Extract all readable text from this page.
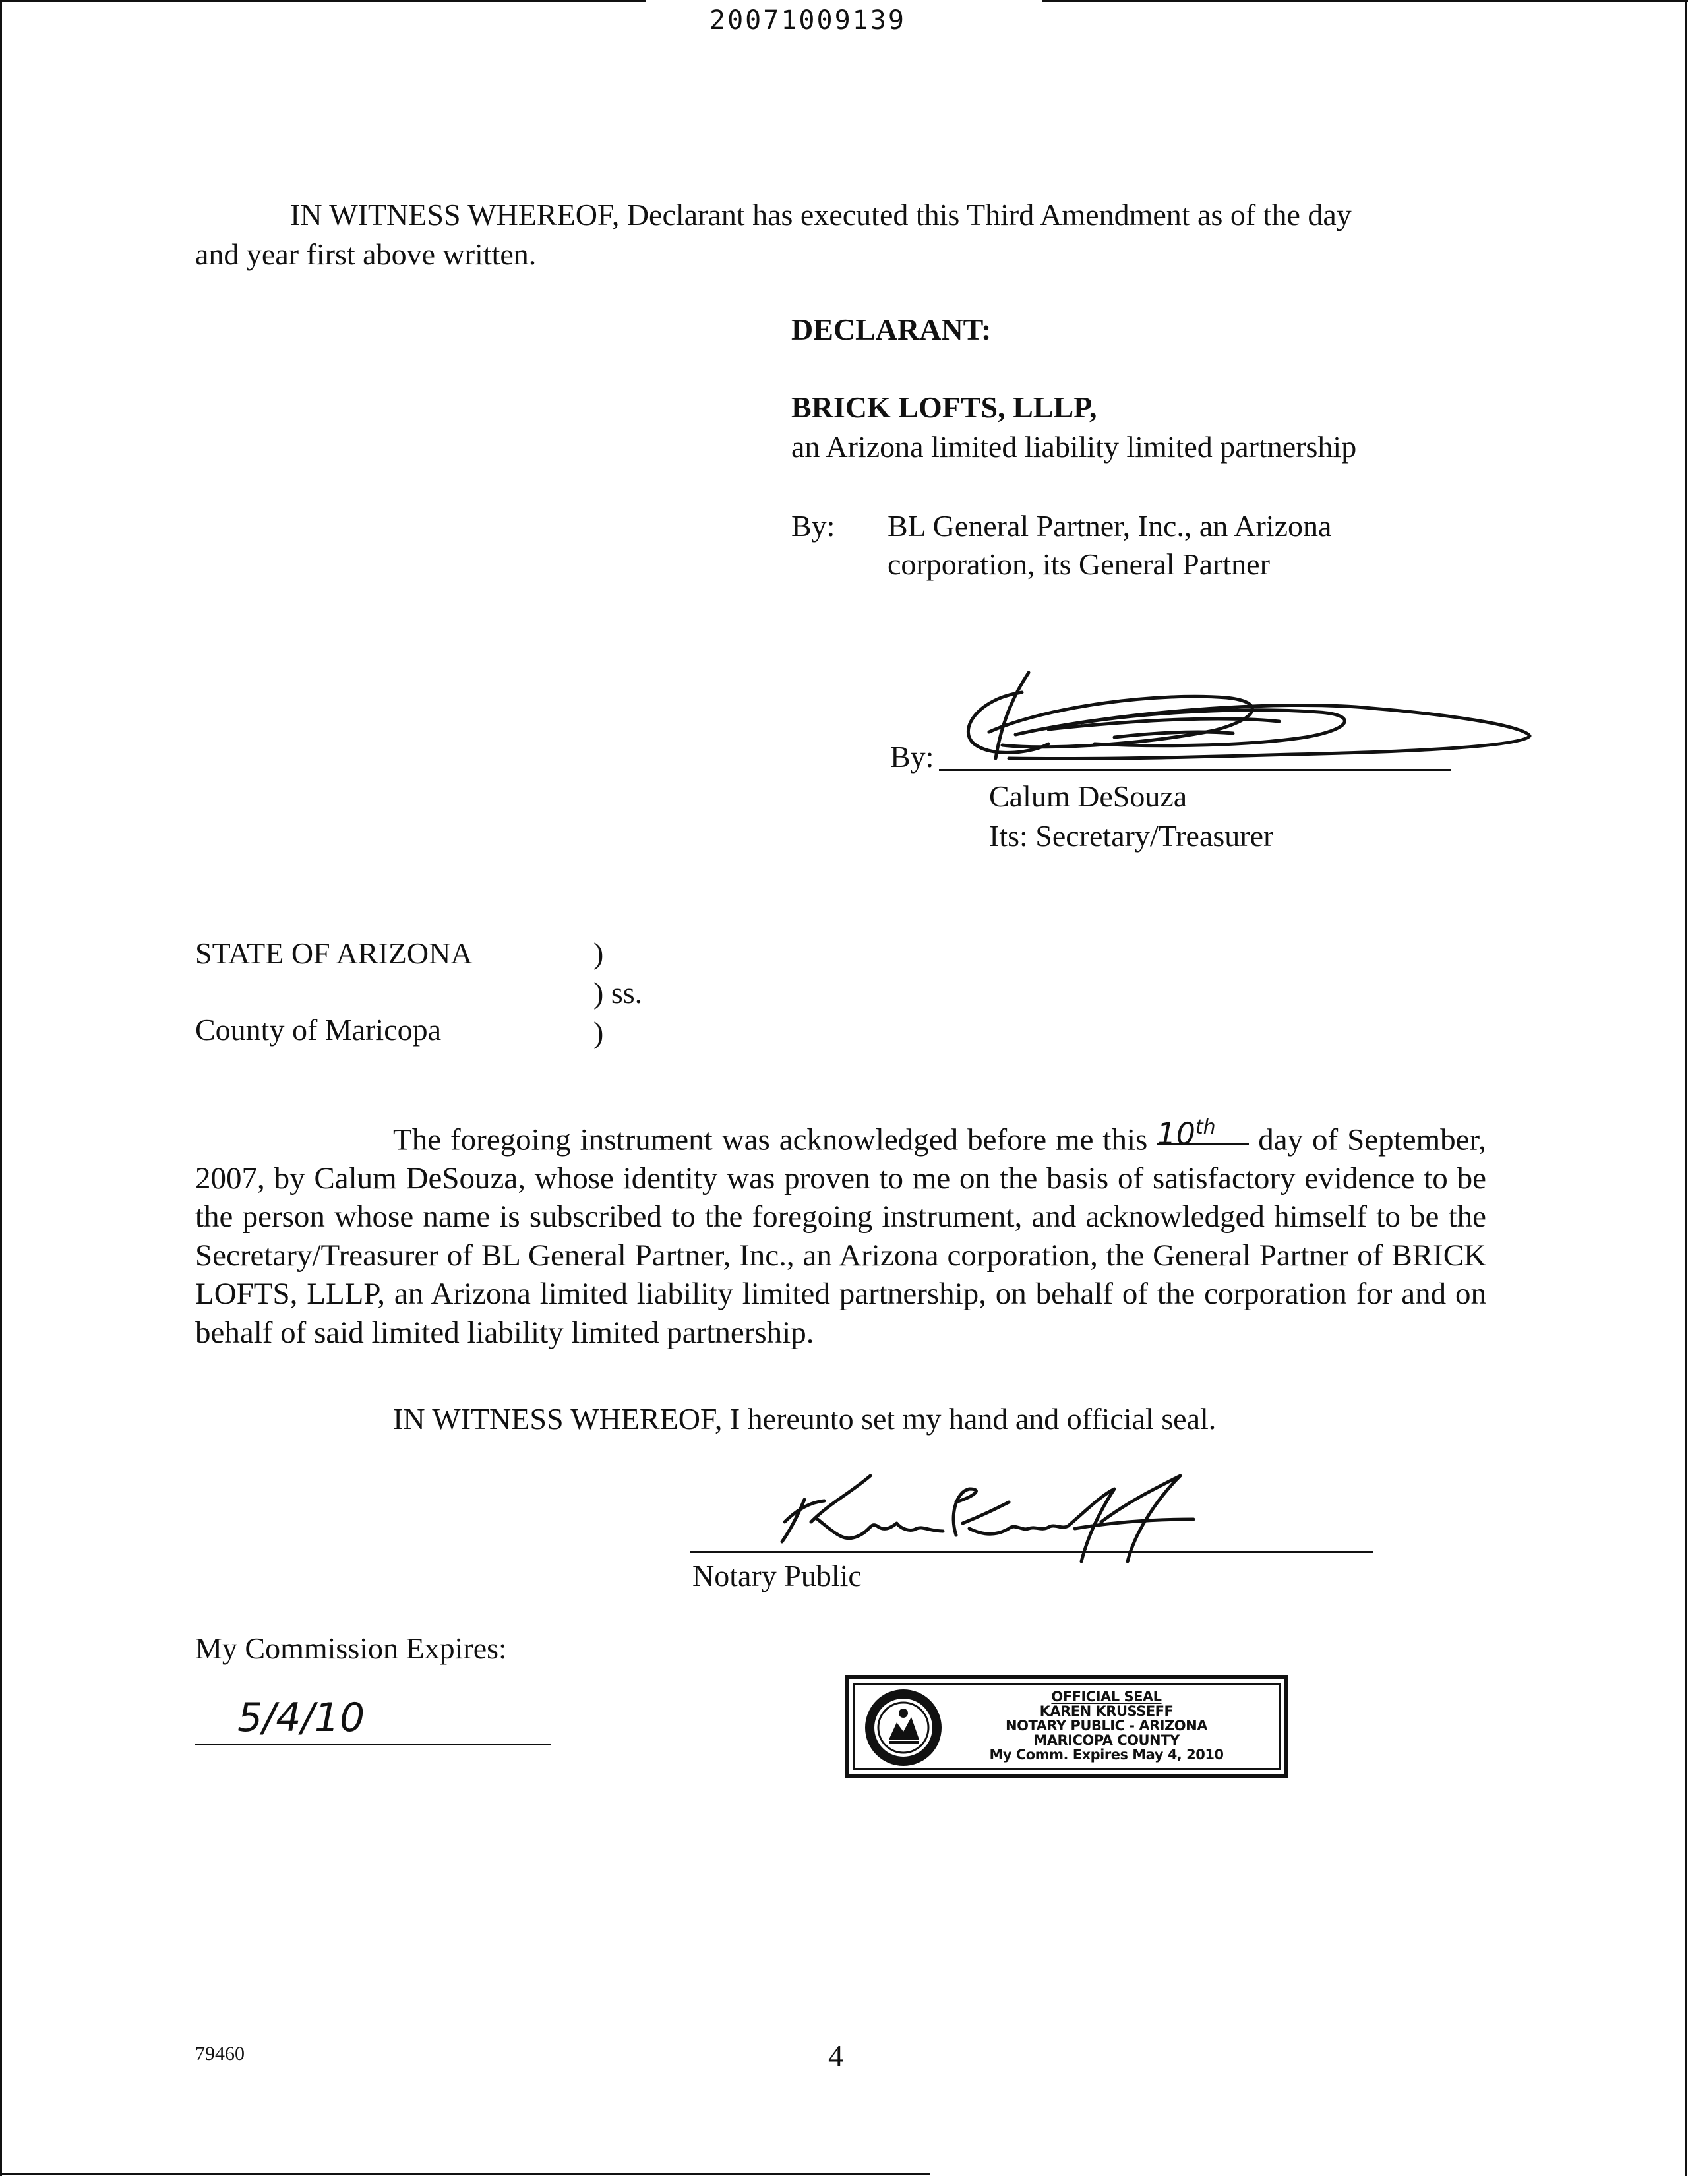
20071009139
IN WITNESS WHEREOF, Declarant has executed this Third Amendment as of the day
and year first above written.
DECLARANT:
BRICK LOFTS, LLLP,
an Arizona limited liability limited partnership
By: BL General Partner, Inc., an Arizona
corporation, its General Partner
By:
Calum DeSouza
Its: Secretary/Treasurer
STATE OF ARIZONA	)
) ss.
County of Maricopa	)

The foregoing instrument was acknowledged before me this 10th day of September, 2007, by Calum DeSouza, whose identity was proven to me on the basis of satisfactory evidence to be the person whose name is subscribed to the foregoing instrument, and acknowledged himself to be the Secretary/Treasurer of BL General Partner, Inc., an Arizona corporation, the General Partner of BRICK LOFTS, LLLP, an Arizona limited liability limited partnership, on behalf of the corporation for and on behalf of said limited liability limited partnership.

IN WITNESS WHEREOF, I hereunto set my hand and official seal.
Notary Public
My Commission Expires:
5/4/10	OFFICIAL SEAL
KAREN KRUSSEFF
NOTARY PUBLIC - ARIZONA
MARICOPA COUNTY
My Comm. Expires May 4, 2010
79460	4
